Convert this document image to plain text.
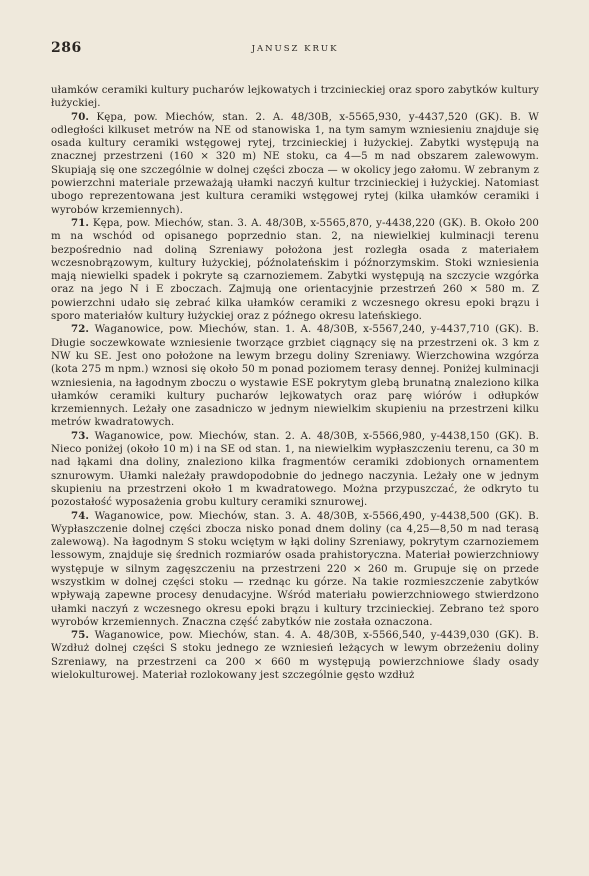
286	JANUSZ KRUK

ułamków ceramiki kultury pucharów lejkowatych i trzcinieckiej oraz sporo zabytków kultury łużyckiej.

70. Kępa, pow. Miechów, stan. 2. A. 48/30B, x-5565,930, y-4437,520 (GK). B. W odległości kilkuset metrów na NE od stanowiska 1, na tym samym wzniesieniu znajduje się osada kultury ceramiki wstęgowej rytej, trzcinieckiej i łużyckiej. Zabytki występują na znacznej przestrzeni (160 × 320 m) NE stoku, ca 4—5 m nad obszarem zalewowym. Skupiają się one szczególnie w dolnej części zbocza — w okolicy jego załomu. W zebranym z powierzchni materiale przeważają ułamki naczyń kultur trzcinieckiej i łużyckiej. Natomiast ubogo reprezentowana jest kultura ceramiki wstęgowej rytej (kilka ułamków ceramiki i wyrobów krzemiennych).

71. Kępa, pow. Miechów, stan. 3. A. 48/30B, x-5565,870, y-4438,220 (GK). B. Około 200 m na wschód od opisanego poprzednio stan. 2, na niewielkiej kulminacji terenu bezpośrednio nad doliną Szreniawy położona jest rozległa osada z materiałem wczesnobrązowym, kultury łużyckiej, późnolateńskim i późnorzymskim. Stoki wzniesienia mają niewielki spadek i pokryte są czarnoziemem. Zabytki występują na szczycie wzgórka oraz na jego N i E zboczach. Zajmują one orientacyjnie przestrzeń 260 × 580 m. Z powierzchni udało się zebrać kilka ułamków ceramiki z wczesnego okresu epoki brązu i sporo materiałów kultury łużyckiej oraz z późnego okresu lateńskiego.

72. Waganowice, pow. Miechów, stan. 1. A. 48/30B, x-5567,240, y-4437,710 (GK). B. Długie soczewkowate wzniesienie tworzące grzbiet ciągnący się na przestrzeni ok. 3 km z NW ku SE. Jest ono położone na lewym brzegu doliny Szreniawy. Wierzchowina wzgórza (kota 275 m npm.) wznosi się około 50 m ponad poziomem terasy dennej. Poniżej kulminacji wzniesienia, na łagodnym zboczu o wystawie ESE pokrytym glebą brunatną znaleziono kilka ułamków ceramiki kultury pucharów lejkowatych oraz parę wiórów i odłupków krzemiennych. Leżały one zasadniczo w jednym niewielkim skupieniu na przestrzeni kilku metrów kwadratowych.

73. Waganowice, pow. Miechów, stan. 2. A. 48/30B, x-5566,980, y-4438,150 (GK). B. Nieco poniżej (około 10 m) i na SE od stan. 1, na niewielkim wypłaszczeniu terenu, ca 30 m nad łąkami dna doliny, znaleziono kilka fragmentów ceramiki zdobionych ornamentem sznurowym. Ułamki należały prawdopodobnie do jednego naczynia. Leżały one w jednym skupieniu na przestrzeni około 1 m kwadratowego. Można przypuszczać, że odkryto tu pozostałość wyposażenia grobu kultury ceramiki sznurowej.

74. Waganowice, pow. Miechów, stan. 3. A. 48/30B, x-5566,490, y-4438,500 (GK). B. Wypłaszczenie dolnej części zbocza nisko ponad dnem doliny (ca 4,25—8,50 m nad terasą zalewową). Na łagodnym S stoku wciętym w łąki doliny Szreniawy, pokrytym czarnoziemem lessowym, znajduje się średnich rozmiarów osada prahistoryczna. Materiał powierzchniowy występuje w silnym zagęszczeniu na przestrzeni 220 × 260 m. Grupuje się on przede wszystkim w dolnej części stoku — rzednąc ku górze. Na takie rozmieszczenie zabytków wpływają zapewne procesy denudacyjne. Wśród materiału powierzchniowego stwierdzono ułamki naczyń z wczesnego okresu epoki brązu i kultury trzcinieckiej. Zebrano też sporo wyrobów krzemiennych. Znaczna część zabytków nie została oznaczona.

75. Waganowice, pow. Miechów, stan. 4. A. 48/30B, x-5566,540, y-4439,030 (GK). B. Wzdłuż dolnej części S stoku jednego ze wzniesień leżących w lewym obrzeżeniu doliny Szreniawy, na przestrzeni ca 200 × 660 m występują powierzchniowe ślady osady wielokulturowej. Materiał rozlokowany jest szczególnie gęsto wzdłuż
